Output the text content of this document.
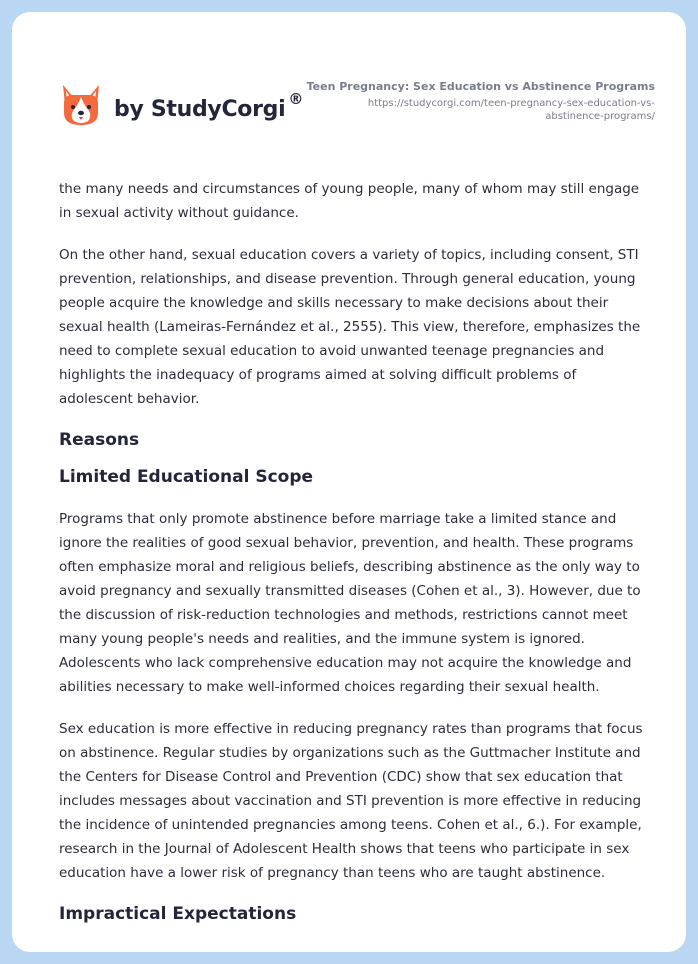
by StudyCorgi ®
Teen Pregnancy: Sex Education vs Abstinence Programs
https://studycorgi.com/teen-pregnancy-sex-education-vs-abstinence-programs/

the many needs and circumstances of young people, many of whom may still engage in sexual activity without guidance.

On the other hand, sexual education covers a variety of topics, including consent, STI prevention, relationships, and disease prevention. Through general education, young people acquire the knowledge and skills necessary to make decisions about their sexual health (Lameiras-Fernández et al., 2555). This view, therefore, emphasizes the need to complete sexual education to avoid unwanted teenage pregnancies and highlights the inadequacy of programs aimed at solving difficult problems of adolescent behavior.

Reasons
Limited Educational Scope

Programs that only promote abstinence before marriage take a limited stance and ignore the realities of good sexual behavior, prevention, and health. These programs often emphasize moral and religious beliefs, describing abstinence as the only way to avoid pregnancy and sexually transmitted diseases (Cohen et al., 3). However, due to the discussion of risk-reduction technologies and methods, restrictions cannot meet many young people's needs and realities, and the immune system is ignored. Adolescents who lack comprehensive education may not acquire the knowledge and abilities necessary to make well-informed choices regarding their sexual health.

Sex education is more effective in reducing pregnancy rates than programs that focus on abstinence. Regular studies by organizations such as the Guttmacher Institute and the Centers for Disease Control and Prevention (CDC) show that sex education that includes messages about vaccination and STI prevention is more effective in reducing the incidence of unintended pregnancies among teens. Cohen et al., 6.). For example, research in the Journal of Adolescent Health shows that teens who participate in sex education have a lower risk of pregnancy than teens who are taught abstinence.

Impractical Expectations
